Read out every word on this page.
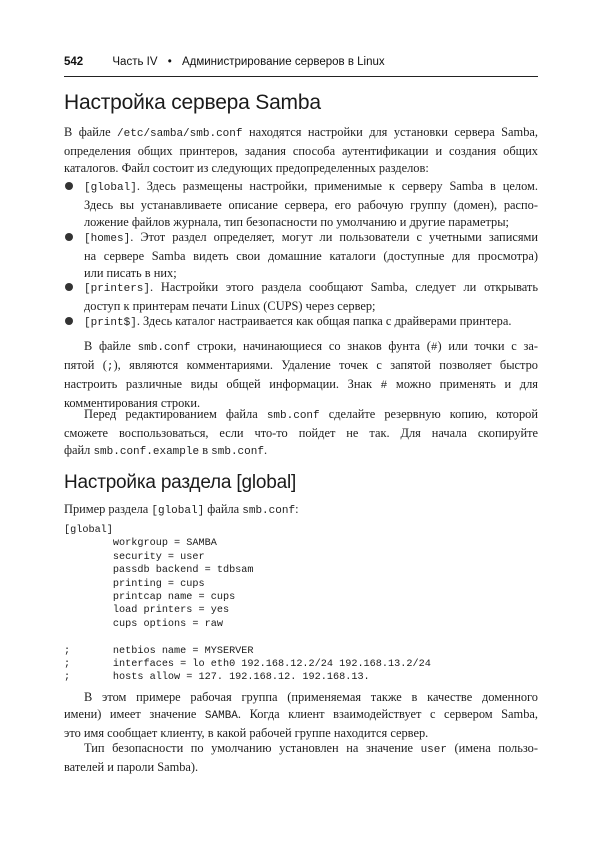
542	Часть IV • Администрирование серверов в Linux
Настройка сервера Samba

В файле /etc/samba/smb.conf находятся настройки для установки сервера Samba,
определения общих принтеров, задания способа аутентификации и создания общих
каталогов. Файл состоит из следующих предопределенных разделов:

[global]. Здесь размещены настройки, применимые к серверу Samba в целом.
Здесь вы устанавливаете описание сервера, его рабочую группу (домен), распо-
ложение файлов журнала, тип безопасности по умолчанию и другие параметры;
[homes]. Этот раздел определяет, могут ли пользователи с учетными записями
на сервере Samba видеть свои домашние каталоги (доступные для просмотра)
или писать в них;
[printers]. Настройки этого раздела сообщают Samba, следует ли открывать
доступ к принтерам печати Linux (CUPS) через сервер;
[print$]. Здесь каталог настраивается как общая папка с драйверами принтера.

В файле smb.conf строки, начинающиеся со знаков фунта (#) или точки с за-
пятой (;), являются комментариями. Удаление точек с запятой позволяет быстро
настроить различные виды общей информации. Знак # можно применять и для
комментирования строки.

Перед редактированием файла smb.conf сделайте резервную копию, которой
сможете воспользоваться, если что-то пойдет не так. Для начала скопируйте
файл smb.conf.example в smb.conf.

Настройка раздела [global]

Пример раздела [global] файла smb.conf:

[global]
workgroup = SAMBA
security = user
passdb backend = tdbsam
printing = cups
printcap name = cups
load printers = yes
cups options = raw

;       netbios name = MYSERVER
;       interfaces = lo eth0 192.168.12.2/24 192.168.13.2/24
;       hosts allow = 127. 192.168.12. 192.168.13.

В этом примере рабочая группа (применяемая также в качестве доменного
имени) имеет значение SAMBA. Когда клиент взаимодействует с сервером Samba,
это имя сообщает клиенту, в какой рабочей группе находится сервер.

Тип безопасности по умолчанию установлен на значение user (имена пользо-
вателей и пароли Samba).
